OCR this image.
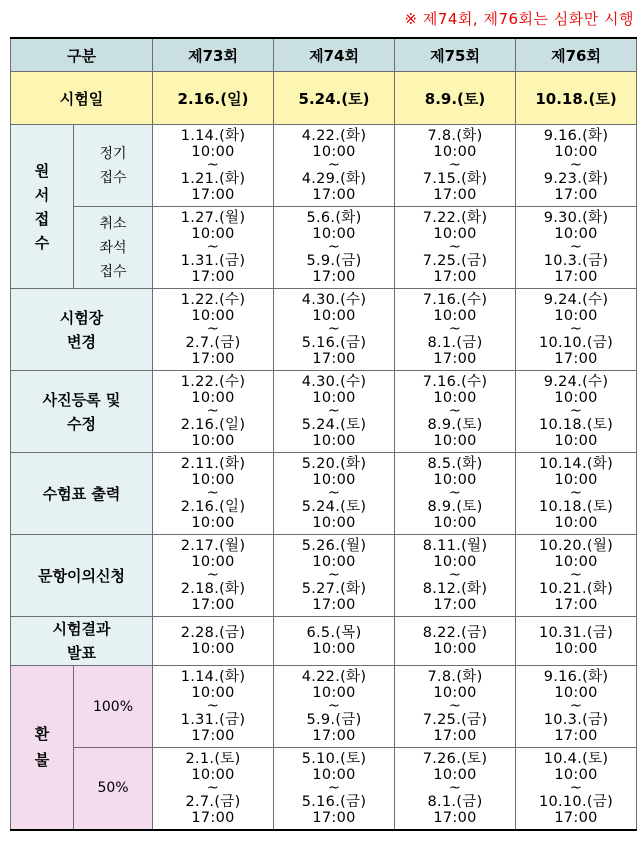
※ 제74회, 제76회는 심화만 시행
구분		제73회	제74회	제75회	제76회
시험일		2.16.(일)	5.24.(토)	8.9.(토)	10.18.(토)

원
서
접
수	정기
접수	1.14.(화)
10:00
~
1.21.(화)
17:00	4.22.(화)
10:00
~
4.29.(화)
17:00	7.8.(화)
10:00
~
7.15.(화)
17:00	9.16.(화)
10:00
~
9.23.(화)
17:00

	취소
좌석
접수	1.27.(월)
10:00
~
1.31.(금)
17:00	5.6.(화)
10:00
~
5.9.(금)
17:00	7.22.(화)
10:00
~
7.25.(금)
17:00	9.30.(화)
10:00
~
10.3.(금)
17:00

시험장
변경		1.22.(수)
10:00
~
2.7.(금)
17:00	4.30.(수)
10:00
~
5.16.(금)
17:00	7.16.(수)
10:00
~
8.1.(금)
17:00	9.24.(수)
10:00
~
10.10.(금)
17:00

사진등록 및
수정		1.22.(수)
10:00
~
2.16.(일)
10:00	4.30.(수)
10:00
~
5.24.(토)
10:00	7.16.(수)
10:00
~
8.9.(토)
10:00	9.24.(수)
10:00
~
10.18.(토)
10:00

수험표 출력		2.11.(화)
10:00
~
2.16.(일)
10:00	5.20.(화)
10:00
~
5.24.(토)
10:00	8.5.(화)
10:00
~
8.9.(토)
10:00	10.14.(화)
10:00
~
10.18.(토)
10:00

문항이의신청		2.17.(월)
10:00
~
2.18.(화)
17:00	5.26.(월)
10:00
~
5.27.(화)
17:00	8.11.(월)
10:00
~
8.12.(화)
17:00	10.20.(월)
10:00
~
10.21.(화)
17:00

시험결과
발표		2.28.(금)
10:00	6.5.(목)
10:00	8.22.(금)
10:00	10.31.(금)
10:00

환
불	100%	1.14.(화)
10:00
~
1.31.(금)
17:00	4.22.(화)
10:00
~
5.9.(금)
17:00	7.8.(화)
10:00
~
7.25.(금)
17:00	9.16.(화)
10:00
~
10.3.(금)
17:00

	50%	2.1.(토)
10:00
~
2.7.(금)
17:00	5.10.(토)
10:00
~
5.16.(금)
17:00	7.26.(토)
10:00
~
8.1.(금)
17:00	10.4.(토)
10:00
~
10.10.(금)
17:00
